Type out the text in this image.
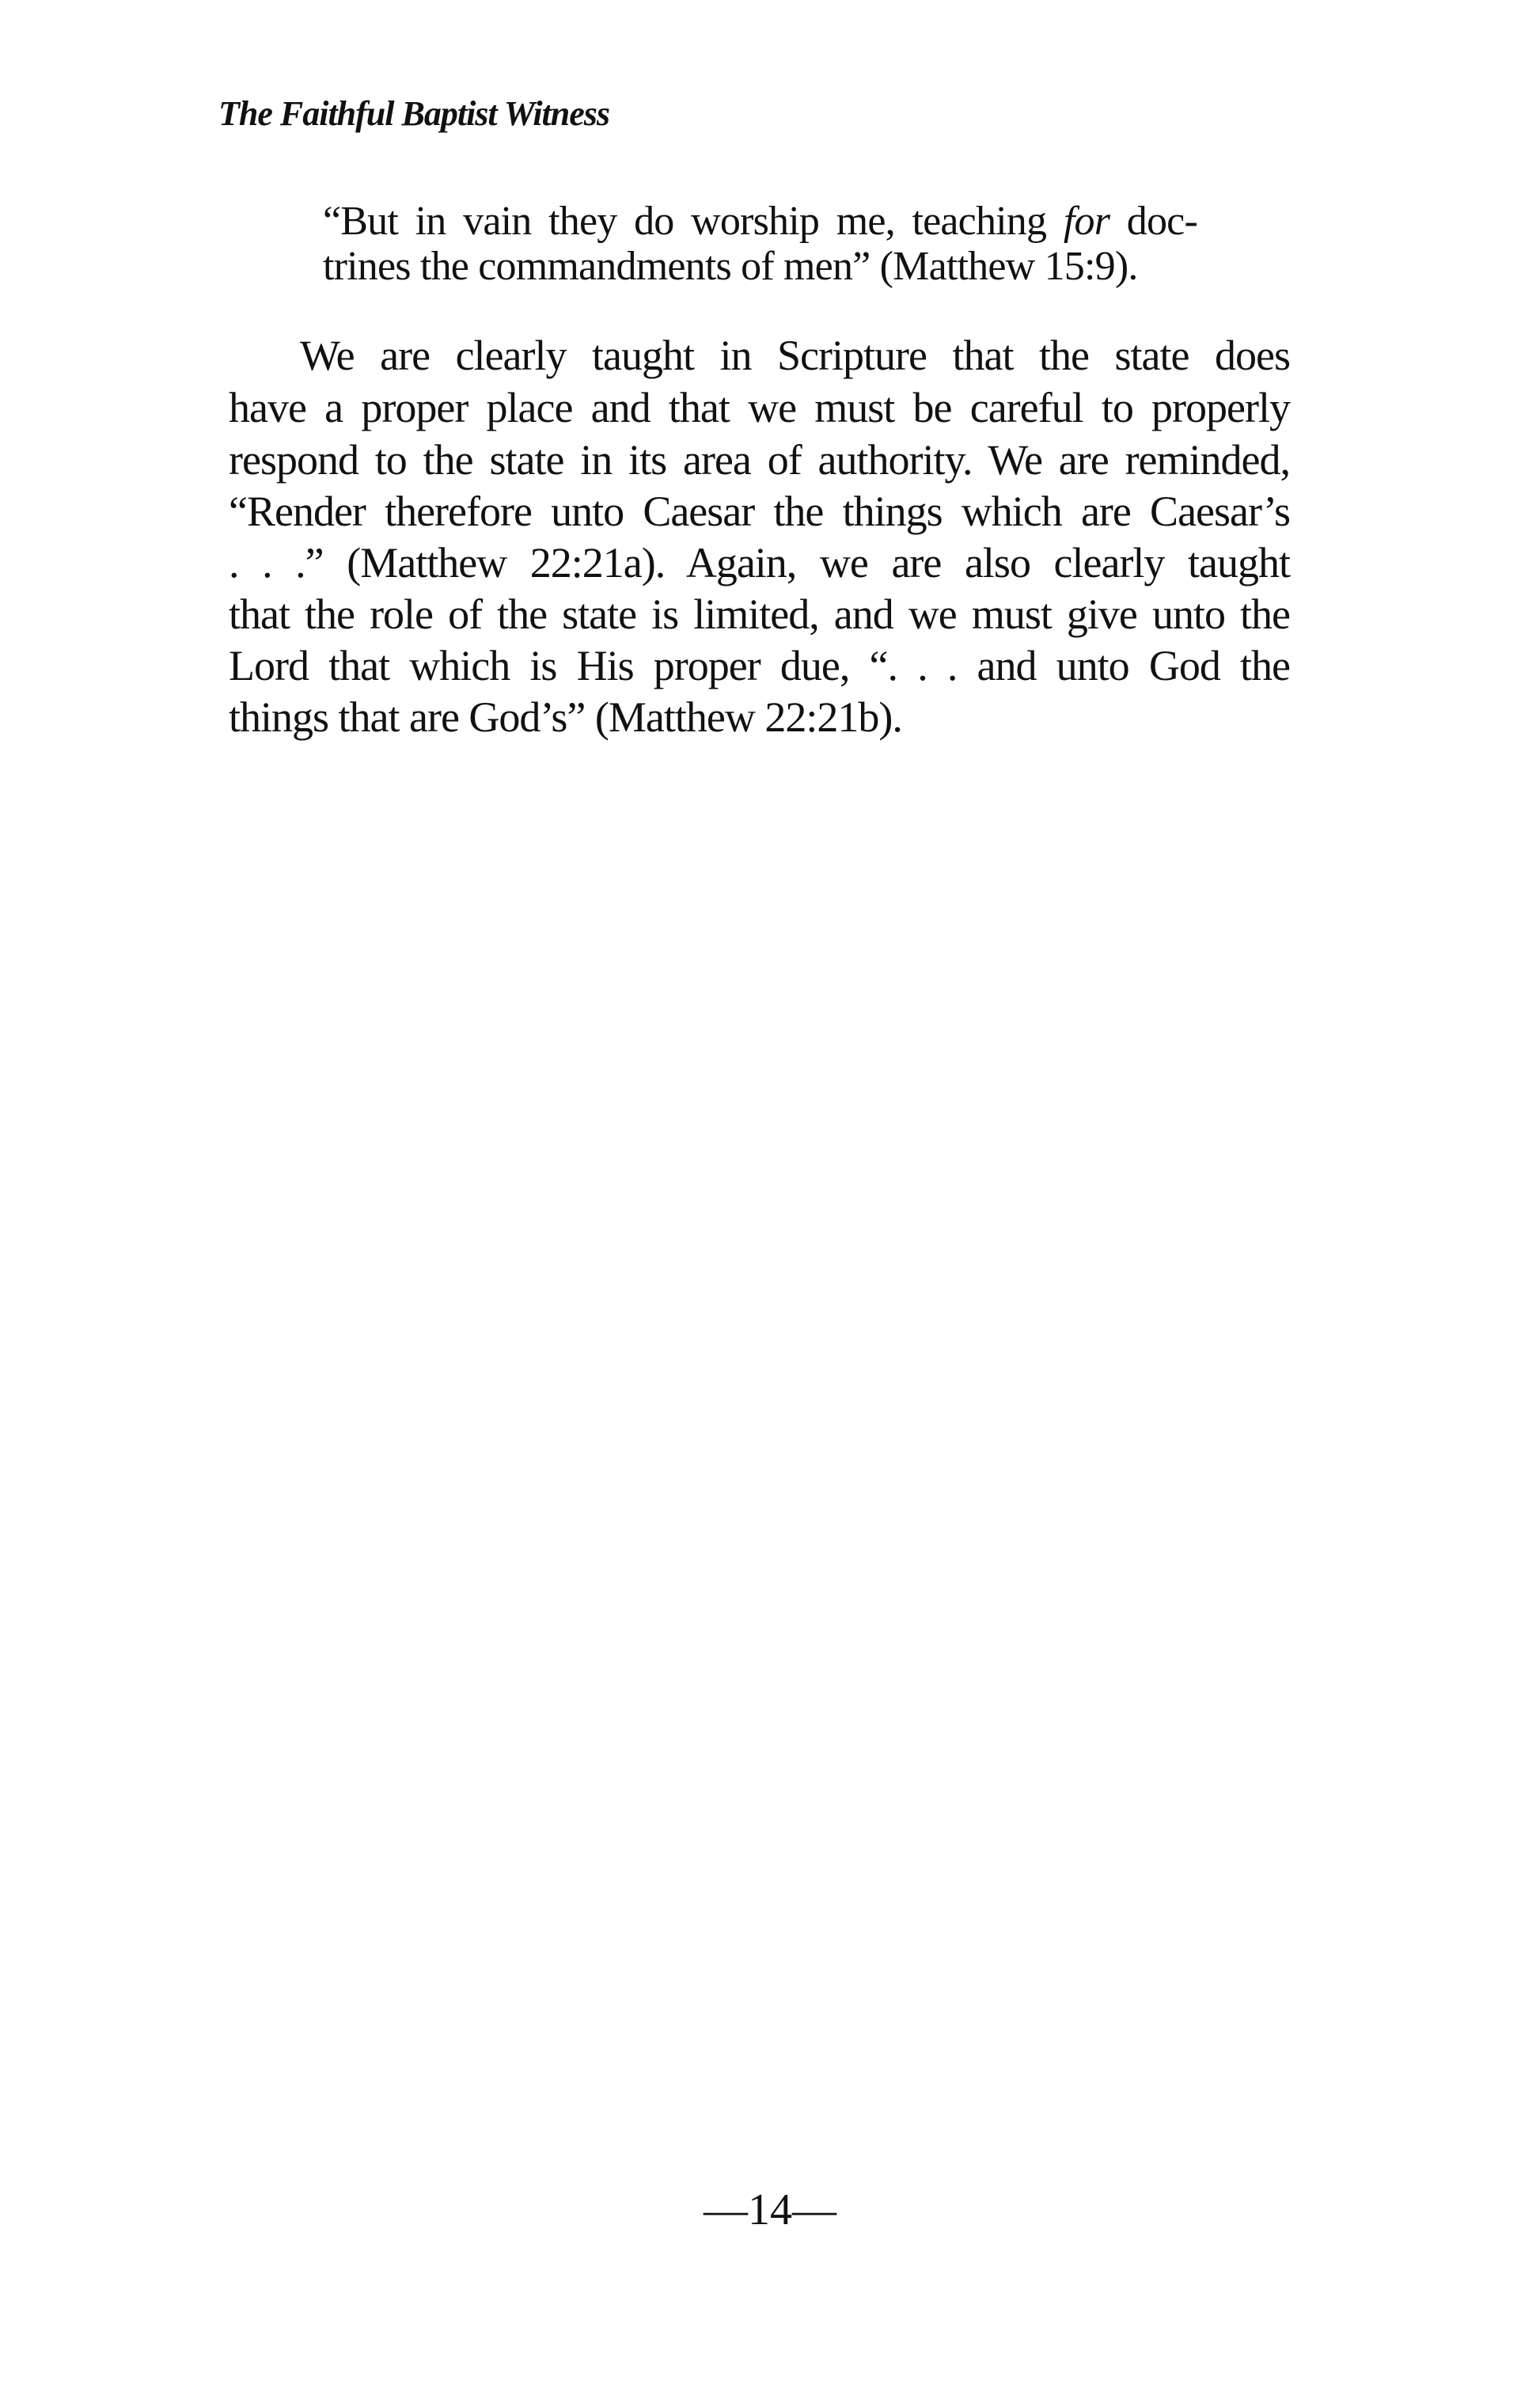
The Faithful Baptist Witness
“But in vain they do worship me, teaching for doc-
trines the commandments of men” (Matthew 15:9).
We are clearly taught in Scripture that the state does
have a proper place and that we must be careful to properly
respond to the state in its area of authority. We are reminded,
“Render therefore unto Caesar the things which are Caesar’s
. . .” (Matthew 22:21a). Again, we are also clearly taught
that the role of the state is limited, and we must give unto the
Lord that which is His proper due, “. . . and unto God the
things that are God’s” (Matthew 22:21b).
—14—
